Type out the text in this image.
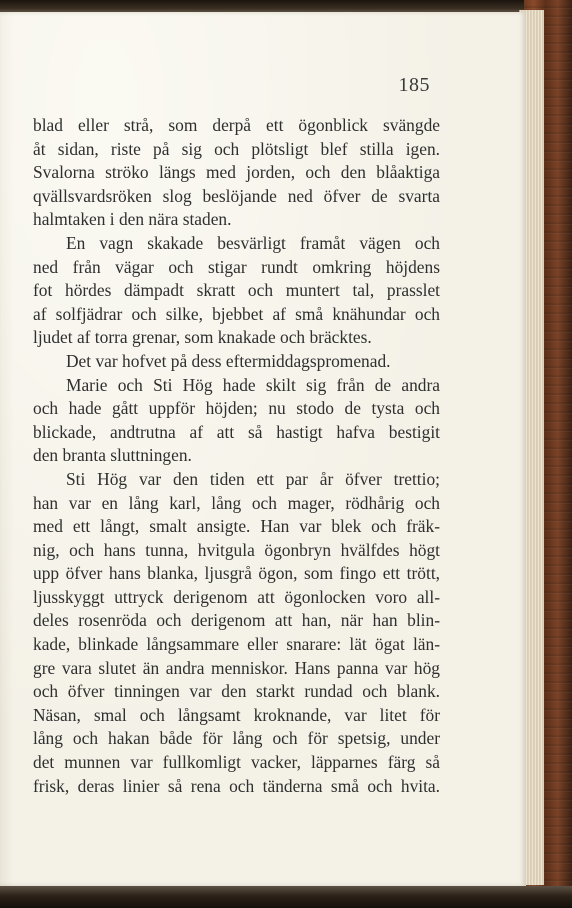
185
blad eller strå, som derpå ett ögonblick svängde
åt sidan, riste på sig och plötsligt blef stilla igen.
Svalorna ströko längs med jorden, och den blåaktiga
qvällsvardsröken slog beslöjande ned öfver de svarta
halmtaken i den nära staden.
En vagn skakade besvärligt framåt vägen och
ned från vägar och stigar rundt omkring höjdens
fot hördes dämpadt skratt och muntert tal, prasslet
af solfjädrar och silke, bjebbet af små knähundar och
ljudet af torra grenar, som knakade och bräcktes.
Det var hofvet på dess eftermiddagspromenad.
Marie och Sti Hög hade skilt sig från de andra
och hade gått uppför höjden; nu stodo de tysta och
blickade, andtrutna af att så hastigt hafva bestigit
den branta sluttningen.
Sti Hög var den tiden ett par år öfver trettio;
han var en lång karl, lång och mager, rödhårig och
med ett långt, smalt ansigte. Han var blek och fräk-
nig, och hans tunna, hvitgula ögonbryn hvälfdes högt
upp öfver hans blanka, ljusgrå ögon, som fingo ett trött,
ljusskyggt uttryck derigenom att ögonlocken voro all-
deles rosenröda och derigenom att han, när han blin-
kade, blinkade långsammare eller snarare: lät ögat län-
gre vara slutet än andra menniskor. Hans panna var hög
och öfver tinningen var den starkt rundad och blank.
Näsan, smal och långsamt kroknande, var litet för
lång och hakan både för lång och för spetsig, under
det munnen var fullkomligt vacker, läpparnes färg så
frisk, deras linier så rena och tänderna små och hvita.
